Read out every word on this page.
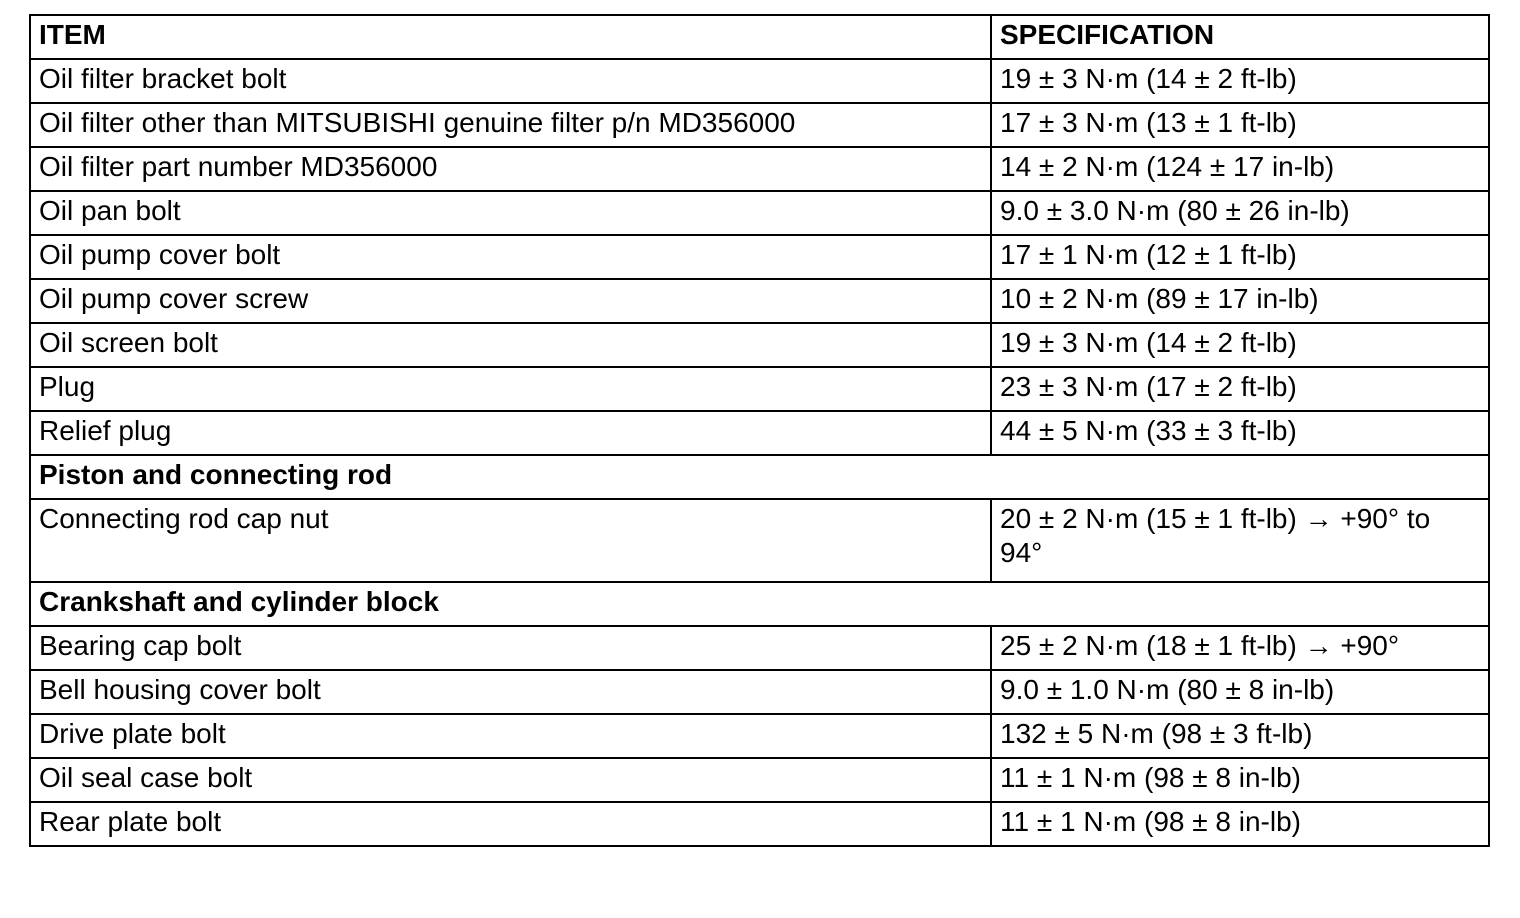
ITEM	SPECIFICATION
Oil filter bracket bolt	19 ± 3 N·m (14 ± 2 ft-lb)
Oil filter other than MITSUBISHI genuine filter p/n MD356000	17 ± 3 N·m (13 ± 1 ft-lb)
Oil filter part number MD356000	14 ± 2 N·m (124 ± 17 in-lb)
Oil pan bolt	9.0 ± 3.0 N·m (80 ± 26 in-lb)
Oil pump cover bolt	17 ± 1 N·m (12 ± 1 ft-lb)
Oil pump cover screw	10 ± 2 N·m (89 ± 17 in-lb)
Oil screen bolt	19 ± 3 N·m (14 ± 2 ft-lb)
Plug	23 ± 3 N·m (17 ± 2 ft-lb)
Relief plug	44 ± 5 N·m (33 ± 3 ft-lb)
Piston and connecting rod	
Connecting rod cap nut	20 ± 2 N·m (15 ± 1 ft-lb) → +90° to 94°
Crankshaft and cylinder block	
Bearing cap bolt	25 ± 2 N·m (18 ± 1 ft-lb) → +90°
Bell housing cover bolt	9.0 ± 1.0 N·m (80 ± 8 in-lb)
Drive plate bolt	132 ± 5 N·m (98 ± 3 ft-lb)
Oil seal case bolt	11 ± 1 N·m (98 ± 8 in-lb)
Rear plate bolt	11 ± 1 N·m (98 ± 8 in-lb)
